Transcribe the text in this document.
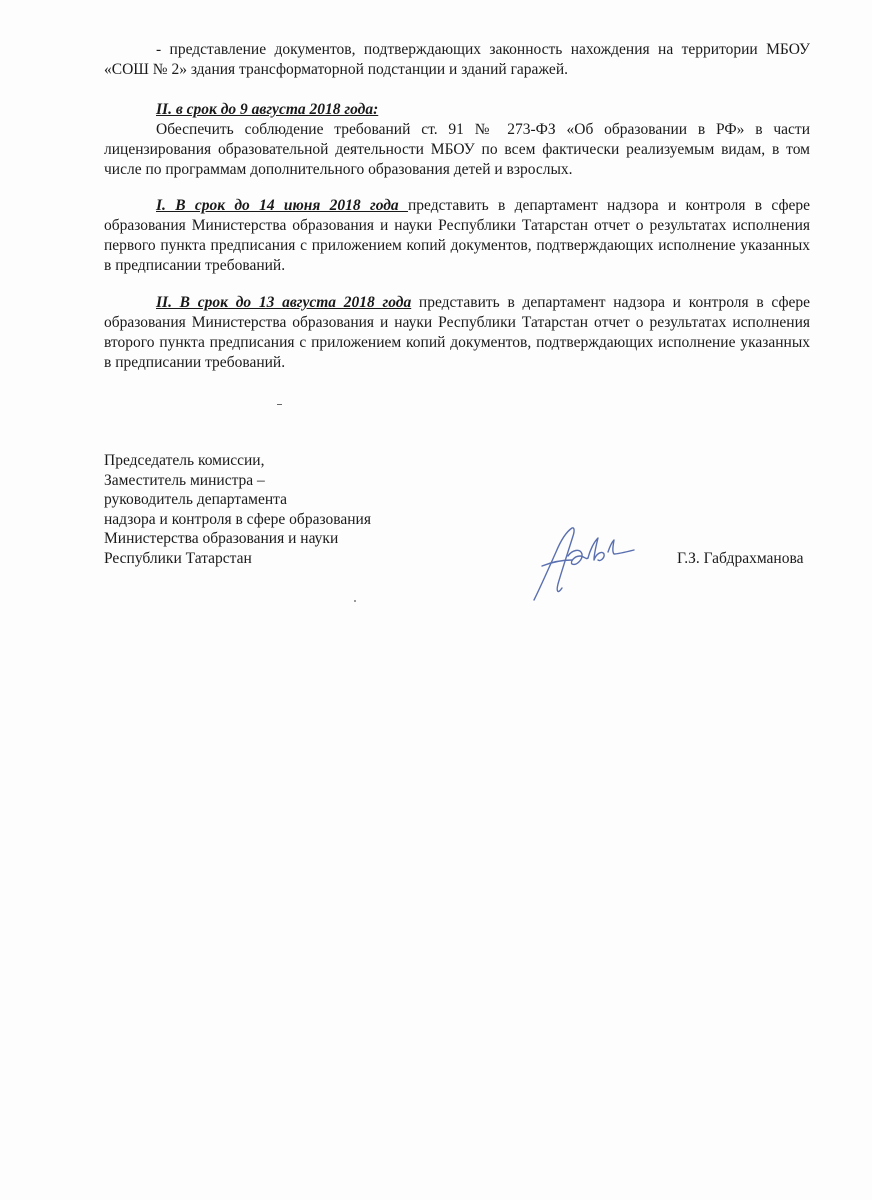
- представление документов, подтверждающих законность нахождения на территории МБОУ «СОШ № 2» здания трансформаторной подстанции и зданий гаражей.

II. в срок до 9 августа 2018 года:

Обеспечить соблюдение требований ст. 91 № 273-ФЗ «Об образовании в РФ» в части лицензирования образовательной деятельности МБОУ по всем фактически реализуемым видам, в том числе по программам дополнительного образования детей и взрослых.

I. В срок до 14 июня 2018 года представить в департамент надзора и контроля в сфере образования Министерства образования и науки Республики Татарстан отчет о результатах исполнения первого пункта предписания с приложением копий документов, подтверждающих исполнение указанных в предписании требований.

II. В срок до 13 августа 2018 года представить в департамент надзора и контроля в сфере образования Министерства образования и науки Республики Татарстан отчет о результатах исполнения второго пункта предписания с приложением копий документов, подтверждающих исполнение указанных в предписании требований.

Председатель комиссии,
Заместитель министра –
руководитель департамента
надзора и контроля в сфере образования
Министерства образования и науки
Республики Татарстан	Г.З. Габдрахманова
